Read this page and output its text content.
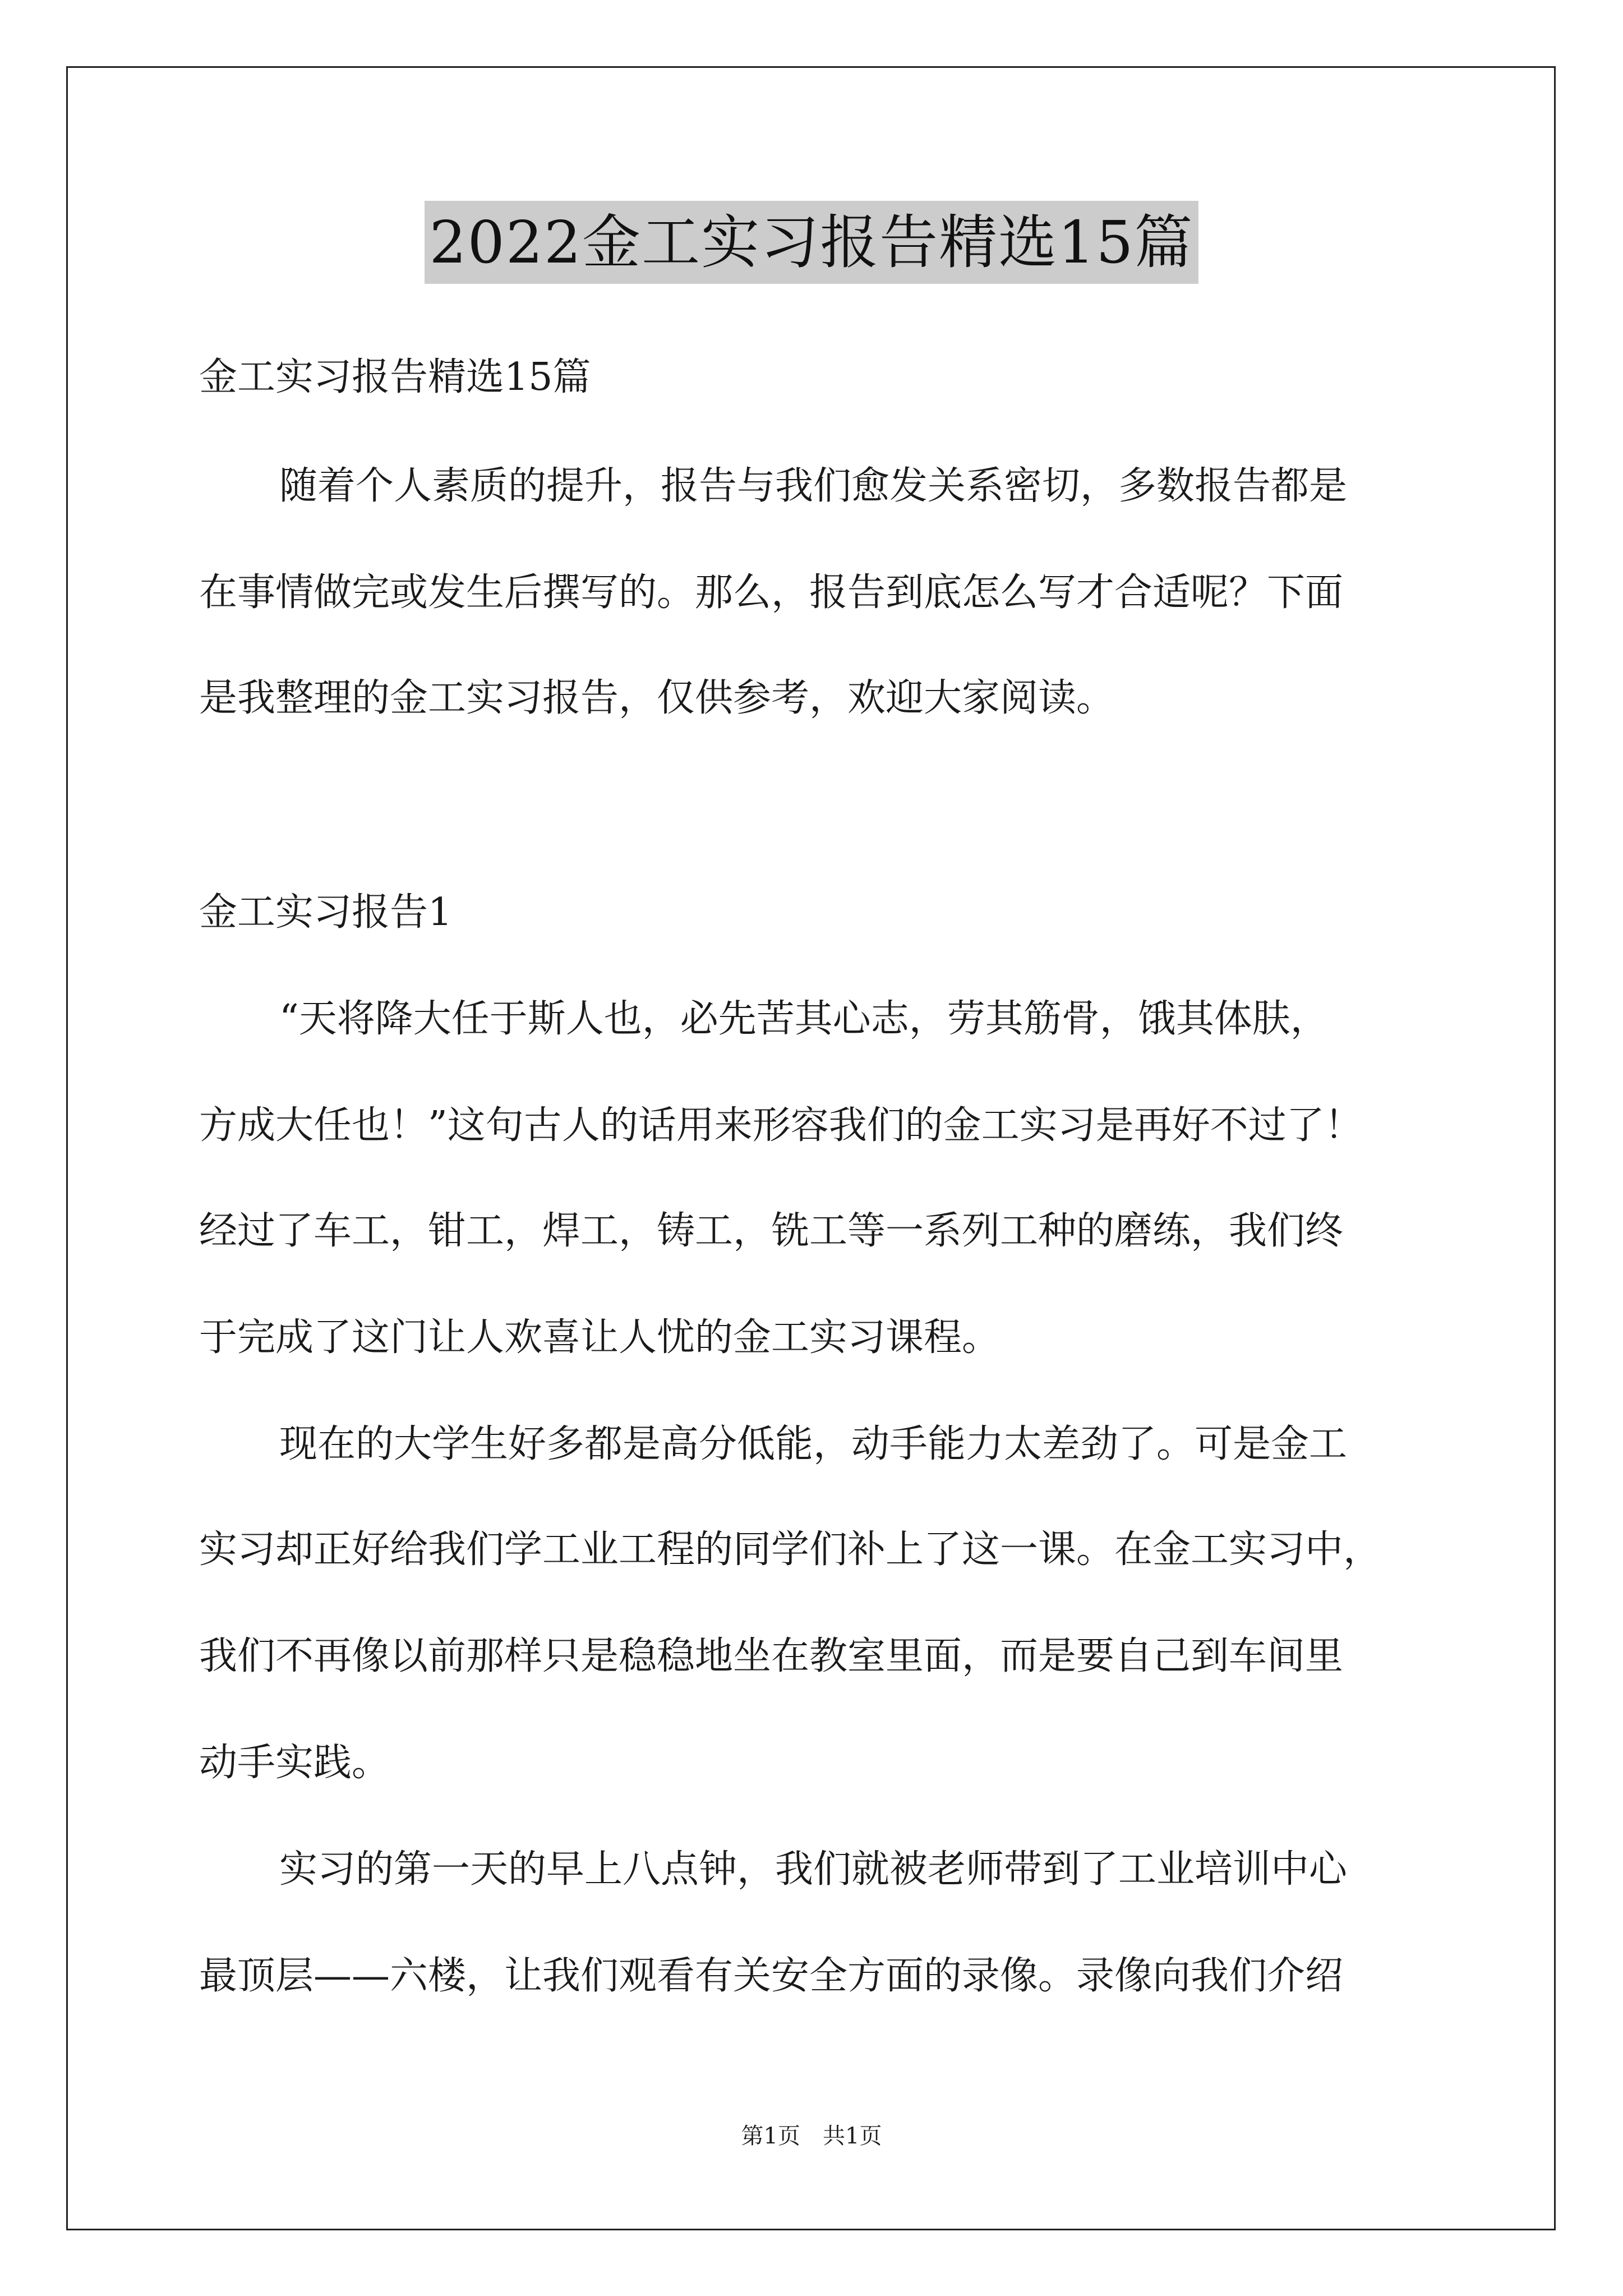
2022金工实习报告精选15篇
金工实习报告精选15篇
随着个人素质的提升，报告与我们愈发关系密切，多数报告都是
在事情做完或发生后撰写的。那么，报告到底怎么写才合适呢？下面
是我整理的金工实习报告，仅供参考，欢迎大家阅读。
金工实习报告1
“天将降大任于斯人也，必先苦其心志，劳其筋骨，饿其体肤，
方成大任也！”这句古人的话用来形容我们的金工实习是再好不过了！
经过了车工，钳工，焊工，铸工，铣工等一系列工种的磨练，我们终
于完成了这门让人欢喜让人忧的金工实习课程。
现在的大学生好多都是高分低能，动手能力太差劲了。可是金工
实习却正好给我们学工业工程的同学们补上了这一课。在金工实习中，
我们不再像以前那样只是稳稳地坐在教室里面，而是要自己到车间里
动手实践。
实习的第一天的早上八点钟，我们就被老师带到了工业培训中心
最顶层——六楼，让我们观看有关安全方面的录像。录像向我们介绍
第1页 共1页
